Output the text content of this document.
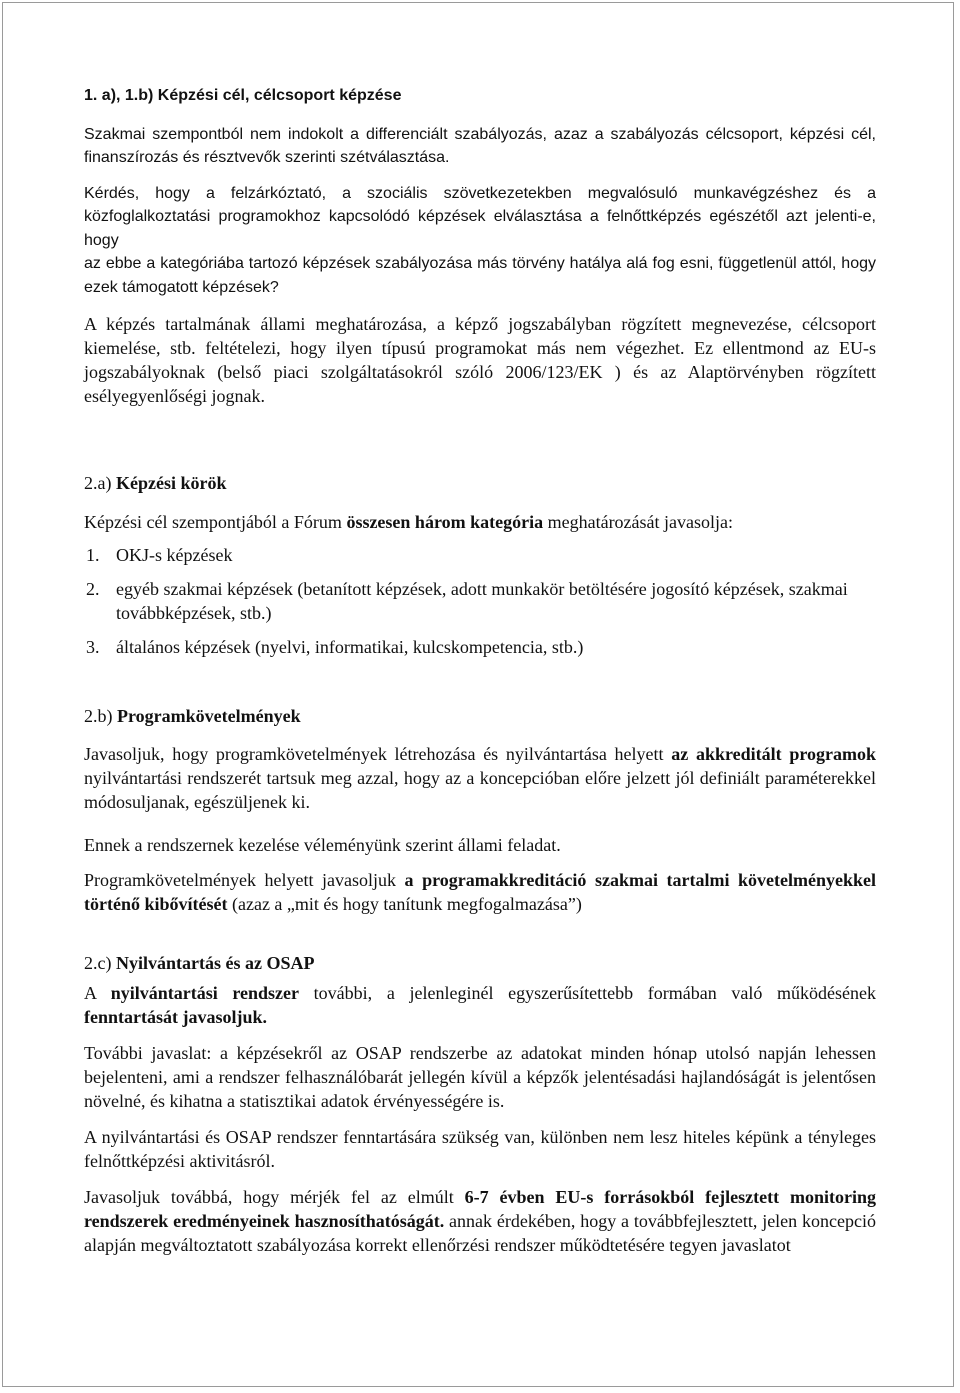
1. a), 1.b) Képzési cél, célcsoport képzése

Szakmai szempontból nem indokolt a differenciált szabályozás, azaz a szabályozás célcsoport, képzési cél, finanszírozás és résztvevők szerinti szétválasztása.

Kérdés, hogy a felzárkóztató, a szociális szövetkezetekben megvalósuló munkavégzéshez és a közfoglalkoztatási programokhoz kapcsolódó képzések elválasztása a felnőttképzés egészétől azt jelenti-e, hogy

az ebbe a kategóriába tartozó képzések szabályozása más törvény hatálya alá fog esni, függetlenül attól, hogy ezek támogatott képzések?

A képzés tartalmának állami meghatározása, a képző jogszabályban rögzített megnevezése, célcsoport kiemelése, stb. feltételezi, hogy ilyen típusú programokat más nem végezhet. Ez ellentmond az EU-s jogszabályoknak (belső piaci szolgáltatásokról szóló 2006/123/EK ) és az Alaptörvényben rögzített esélyegyenlőségi jognak.

2.a) Képzési körök

Képzési cél szempontjából a Fórum összesen három kategória meghatározását javasolja:

1. OKJ-s képzések
2. egyéb szakmai képzések (betanított képzések, adott munkakör betöltésére jogosító képzések, szakmai továbbképzések, stb.)
3. általános képzések (nyelvi, informatikai, kulcskompetencia, stb.)

2.b) Programkövetelmények

Javasoljuk, hogy programkövetelmények létrehozása és nyilvántartása helyett az akkreditált programok nyilvántartási rendszerét tartsuk meg azzal, hogy az a koncepcióban előre jelzett jól definiált paraméterekkel módosuljanak, egészüljenek ki.

Ennek a rendszernek kezelése véleményünk szerint állami feladat.

Programkövetelmények helyett javasoljuk a programakkreditáció szakmai tartalmi követelményekkel történő kibővítését (azaz a „mit és hogy tanítunk megfogalmazása”)

2.c) Nyilvántartás és az OSAP

A nyilvántartási rendszer további, a jelenleginél egyszerűsítettebb formában való működésének fenntartását javasoljuk.

További javaslat: a képzésekről az OSAP rendszerbe az adatokat minden hónap utolsó napján lehessen bejelenteni, ami a rendszer felhasználóbarát jellegén kívül a képzők jelentésadási hajlandóságát is jelentősen növelné, és kihatna a statisztikai adatok érvényességére is.

A nyilvántartási és OSAP rendszer fenntartására szükség van, különben nem lesz hiteles képünk a tényleges felnőttképzési aktivitásról.

Javasoljuk továbbá, hogy mérjék fel az elmúlt 6-7 évben EU-s forrásokból fejlesztett monitoring rendszerek eredményeinek hasznosíthatóságát. annak érdekében, hogy a továbbfejlesztett, jelen koncepció alapján megváltoztatott szabályozása korrekt ellenőrzési rendszer működtetésére tegyen javaslatot
